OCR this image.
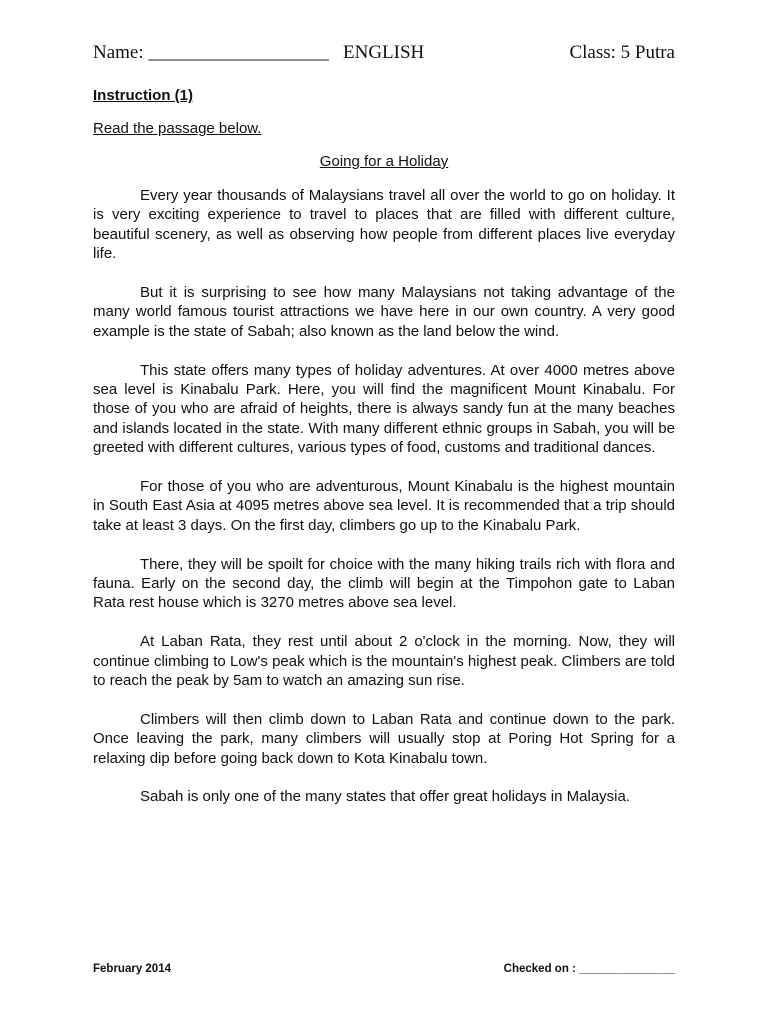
Name: ___________________ ENGLISH	Class: 5 Putra
Instruction (1)
Read the passage below.
Going for a Holiday

Every year thousands of Malaysians travel all over the world to go on holiday. It is very exciting experience to travel to places that are filled with different culture, beautiful scenery, as well as observing how people from different places live everyday life.

But it is surprising to see how many Malaysians not taking advantage of the many world famous tourist attractions we have here in our own country. A very good example is the state of Sabah; also known as the land below the wind.

This state offers many types of holiday adventures. At over 4000 metres above sea level is Kinabalu Park. Here, you will find the magnificent Mount Kinabalu. For those of you who are afraid of heights, there is always sandy fun at the many beaches and islands located in the state. With many different ethnic groups in Sabah, you will be greeted with different cultures, various types of food, customs and traditional dances.

For those of you who are adventurous, Mount Kinabalu is the highest mountain in South East Asia at 4095 metres above sea level. It is recommended that a trip should take at least 3 days. On the first day, climbers go up to the Kinabalu Park.

There, they will be spoilt for choice with the many hiking trails rich with flora and fauna. Early on the second day, the climb will begin at the Timpohon gate to Laban Rata rest house which is 3270 metres above sea level.

At Laban Rata, they rest until about 2 o'clock in the morning. Now, they will continue climbing to Low's peak which is the mountain's highest peak. Climbers are told to reach the peak by 5am to watch an amazing sun rise.

Climbers will then climb down to Laban Rata and continue down to the park. Once leaving the park, many climbers will usually stop at Poring Hot Spring for a relaxing dip before going back down to Kota Kinabalu town.

Sabah is only one of the many states that offer great holidays in Malaysia.

February 2014	Checked on : _______________
